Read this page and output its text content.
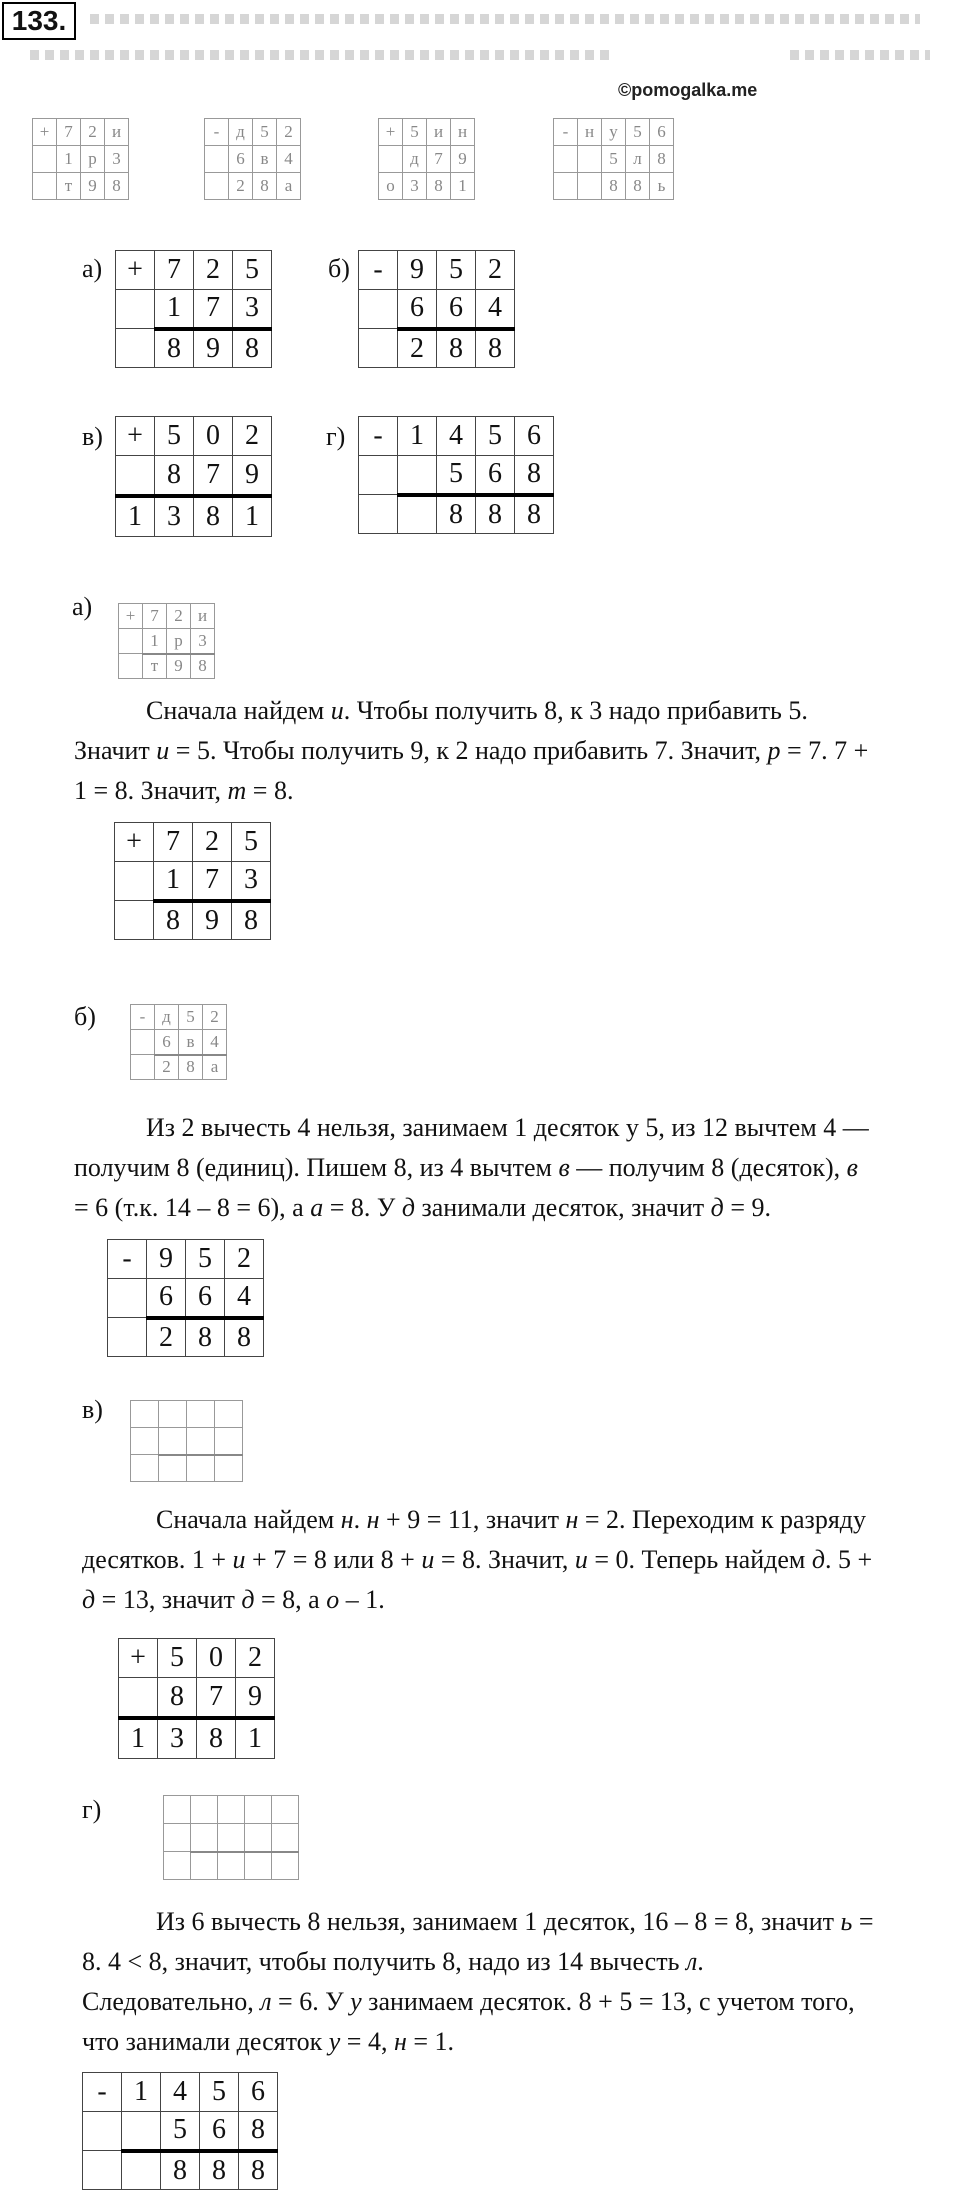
133.
©pomogalka.me
+	7	2	и
	1	р	3
	т	9	8
-	д	5	2
	6	в	4
	2	8	а
+	5	и	н
	д	7	9
о	3	8	1
-	н	у	5	6
		5	л	8
		8	8	ь
а) +	7	2	5
	1	7	3
	8	9	8
б) -	9	5	2
	6	6	4
	2	8	8
в) +	5	0	2
	8	7	9
1	3	8	1
г) -	1	4	5	6
		5	6	8
		8	8	8
а) +	7	2	и
	1	р	3
	т	9	8
Сначала найдем и. Чтобы получить 8, к 3 надо прибавить 5.
Значит и = 5. Чтобы получить 9, к 2 надо прибавить 7. Значит, р = 7. 7 +
1 = 8. Значит, т = 8.
+	7	2	5
	1	7	3
	8	9	8
б)	-	д	5	2
	6	в	4
	2	8	а
Из 2 вычесть 4 нельзя, занимаем 1 десяток у 5, из 12 вычтем 4 —
получим 8 (единиц). Пишем 8, из 4 вычтем в — получим 8 (десяток), в
= 6 (т.к. 14 – 8 = 6), а а = 8. У д занимали десяток, значит д = 9.
-	9	5	2
	6	6	4
	2	8	8
в)

Сначала найдем н. н + 9 = 11, значит н = 2. Переходим к разряду
десятков. 1 + и + 7 = 8 или 8 + и = 8. Значит, и = 0. Теперь найдем д. 5 +
д = 13, значит д = 8, а о – 1.
+	5	0	2
	8	7	9
1	3	8	1
г)

Из 6 вычесть 8 нельзя, занимаем 1 десяток, 16 – 8 = 8, значит ь =
8. 4 < 8, значит, чтобы получить 8, надо из 14 вычесть л.
Следовательно, л = 6. У у занимаем десяток. 8 + 5 = 13, с учетом того,
что занимали десяток у = 4, н = 1.
-	1	4	5	6
		5	6	8
		8	8	8
